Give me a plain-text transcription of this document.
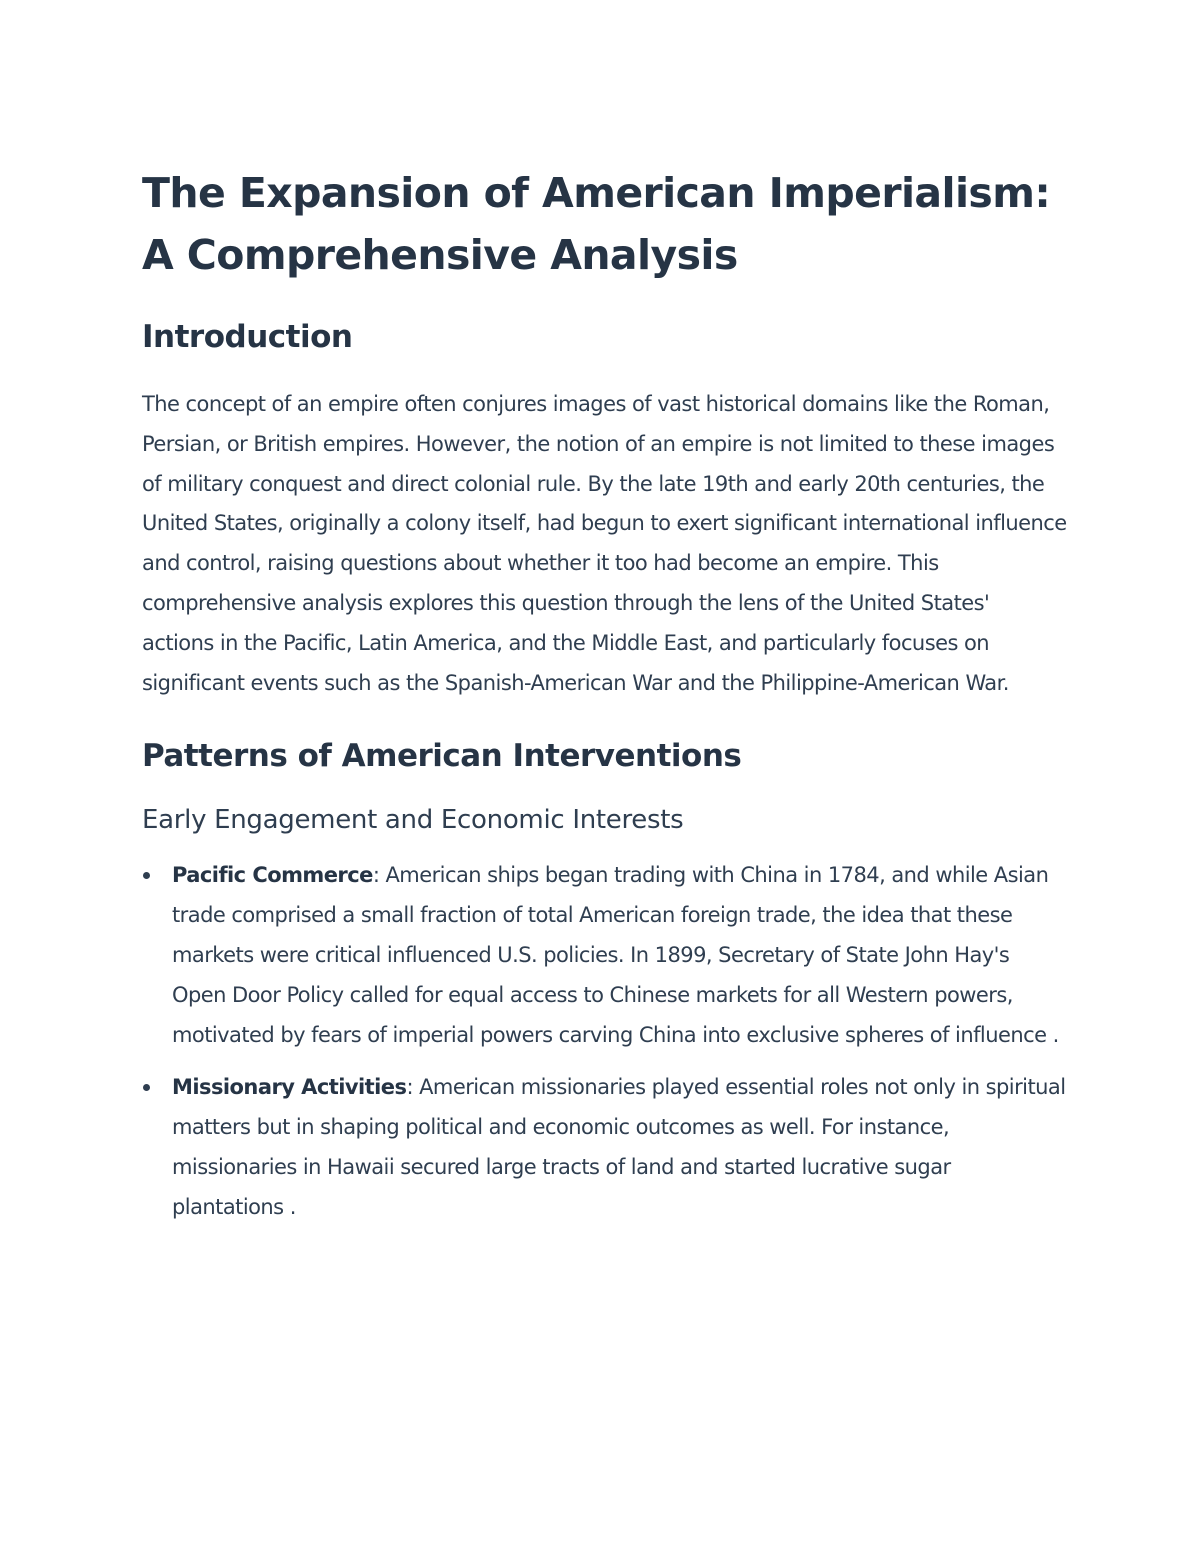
The Expansion of American Imperialism: A Comprehensive Analysis
Introduction

The concept of an empire often conjures images of vast historical domains like the Roman, Persian, or British empires. However, the notion of an empire is not limited to these images of military conquest and direct colonial rule. By the late 19th and early 20th centuries, the United States, originally a colony itself, had begun to exert significant international influence and control, raising questions about whether it too had become an empire. This comprehensive analysis explores this question through the lens of the United States' actions in the Pacific, Latin America, and the Middle East, and particularly focuses on significant events such as the Spanish-American War and the Philippine-American War.

Patterns of American Interventions
Early Engagement and Economic Interests
Pacific Commerce: American ships began trading with China in 1784, and while Asian trade comprised a small fraction of total American foreign trade, the idea that these markets were critical influenced U.S. policies. In 1899, Secretary of State John Hay's Open Door Policy called for equal access to Chinese markets for all Western powers, motivated by fears of imperial powers carving China into exclusive spheres of influence .
Missionary Activities: American missionaries played essential roles not only in spiritual matters but in shaping political and economic outcomes as well. For instance, missionaries in Hawaii secured large tracts of land and started lucrative sugar plantations .
